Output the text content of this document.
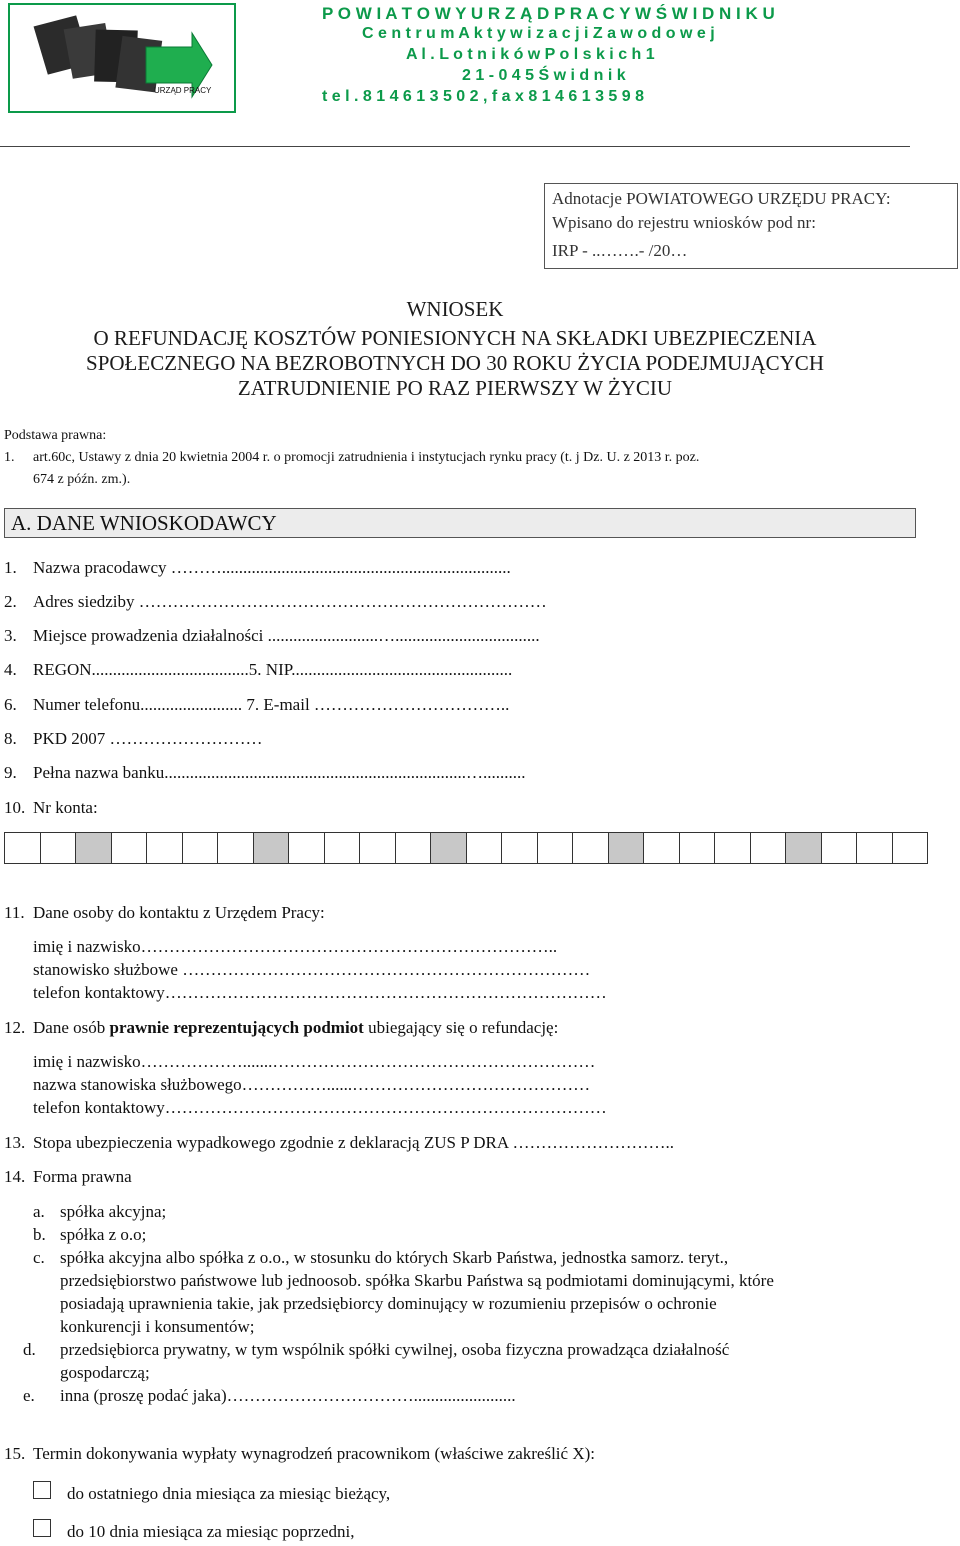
URZĄD PRACY
P O W I A T O W Y U R Z Ą D P R A C Y W Ś W I D N I K U
C e n t r u m A k t y w i z a c j i Z a w o d o w e j
A l . L o t n i k ó w P o l s k i c h 1
2 1 - 0 4 5 Ś w i d n i k
t e l . 8 1 4 6 1 3 5 0 2 , f a x 8 1 4 6 1 3 5 9 8
Adnotacje POWIATOWEGO URZĘDU PRACY:
Wpisano do rejestru wniosków pod nr:
IRP - ..…….- /20…
WNIOSEK
O REFUNDACJĘ KOSZTÓW PONIESIONYCH NA SKŁADKI UBEZPIECZENIA
SPOŁECZNEGO NA BEZROBOTNYCH DO 30 ROKU ŻYCIA PODEJMUJĄCYCH
ZATRUDNIENIE PO RAZ PIERWSZY W ŻYCIU
Podstawa prawna:
1. art.60c, Ustawy z dnia 20 kwietnia 2004 r. o promocji zatrudnienia i instytucjach rynku pracy (t. j Dz. U. z 2013 r. poz.
674 z późn. zm.).
A. DANE WNIOSKODAWCY
1. Nazwa pracodawcy ………....................................................................
2. Adres siedziby ………………………………………………………………
3. Miejsce prowadzenia działalności ..........................…..................................
4. REGON.....................................5. NIP....................................................
6. Numer telefonu........................ 7. E-mail ……………………………..
8. PKD 2007 ………………………
9. Pełna nazwa banku.......................................................................…..........
10. Nr konta:
11. Dane osoby do kontaktu z Urzędem Pracy:
imię i nazwisko………………………………………………………………..
stanowisko służbowe ………………………………………………………………
telefon kontaktowy……………………………………………………………………
12. Dane osób prawnie reprezentujących podmiot ubiegający się o refundację:
imię i nazwisko……………….......…………………………………………………
nazwa stanowiska służbowego……………......……………………………………
telefon kontaktowy……………………………………………………………………
13. Stopa ubezpieczenia wypadkowego zgodnie z deklaracją ZUS P DRA ………………………..
14. Forma prawna
a. spółka akcyjna;
b. spółka z o.o;
c. spółka akcyjna albo spółka z o.o., w stosunku do których Skarb Państwa, jednostka samorz. teryt.,
przedsiębiorstwo państwowe lub jednoosob. spółka Skarbu Państwa są podmiotami dominującymi, które
posiadają uprawnienia takie, jak przedsiębiorcy dominujący w rozumieniu przepisów o ochronie
konkurencji i konsumentów;
d. przedsiębiorca prywatny, w tym wspólnik spółki cywilnej, osoba fizyczna prowadząca działalność
gospodarczą;
e. inna (proszę podać jaka)……………………………........................
15. Termin dokonywania wypłaty wynagrodzeń pracownikom (właściwe zakreślić X):
do ostatniego dnia miesiąca za miesiąc bieżący,
do 10 dnia miesiąca za miesiąc poprzedni,
